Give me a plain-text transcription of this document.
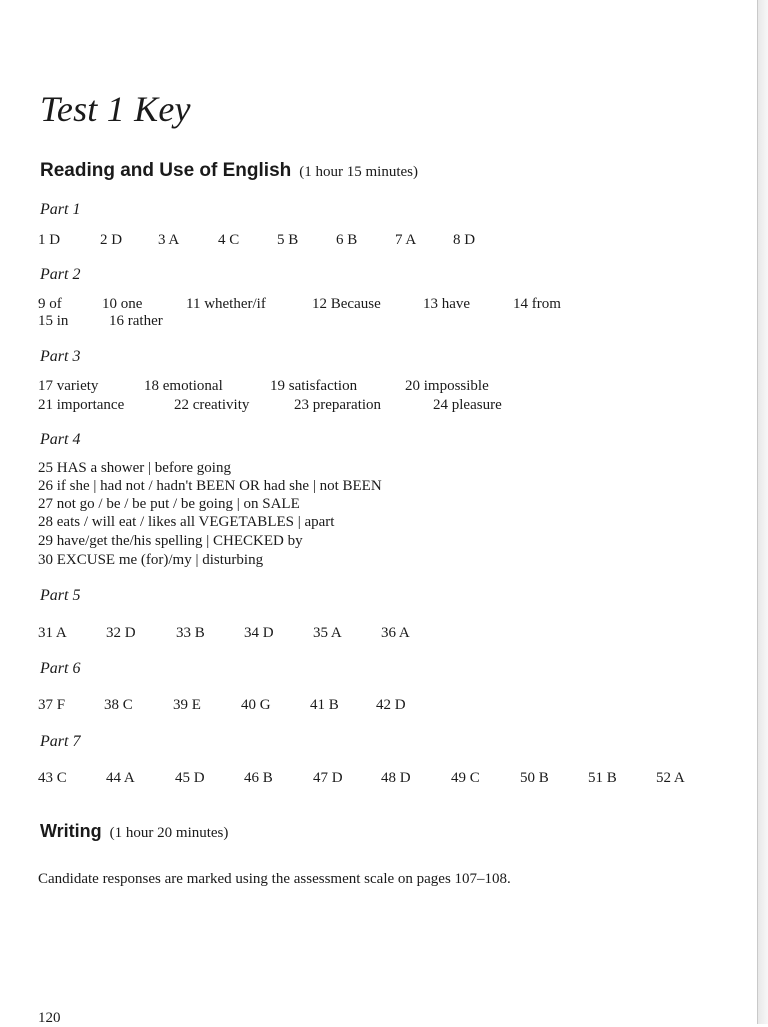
Test 1 Key
Reading and Use of English (1 hour 15 minutes)
Part 1
1 D	2 D 3 A	4 C	5 B	6 B	7 A 8 D
Part 2
9 of	10 one	11 whether/if	12 Because	13 have	14 from
15 in	16 rather
Part 3
17 variety	18 emotional	19 satisfaction	20 impossible
21 importance	22 creativity	23 preparation	24 pleasure
Part 4
25 HAS a shower | before going
26 if she | had not / hadn't BEEN OR had she | not BEEN
27 not go / be / be put / be going | on SALE
28 eats / will eat / likes all VEGETABLES | apart
29 have/get the/his spelling | CHECKED by
30 EXCUSE me (for)/my | disturbing
Part 5
31 A	32 D	33 B	34 D	35 A	36 A
Part 6
37 F	38 C	39 E	40 G	41 B 42 D
Part 7
43 C	44 A	45 D	46 B	47 D	48 D	49 C	50 B	51 B	52 A
Writing (1 hour 20 minutes)
Candidate responses are marked using the assessment scale on pages 107–108.
120
